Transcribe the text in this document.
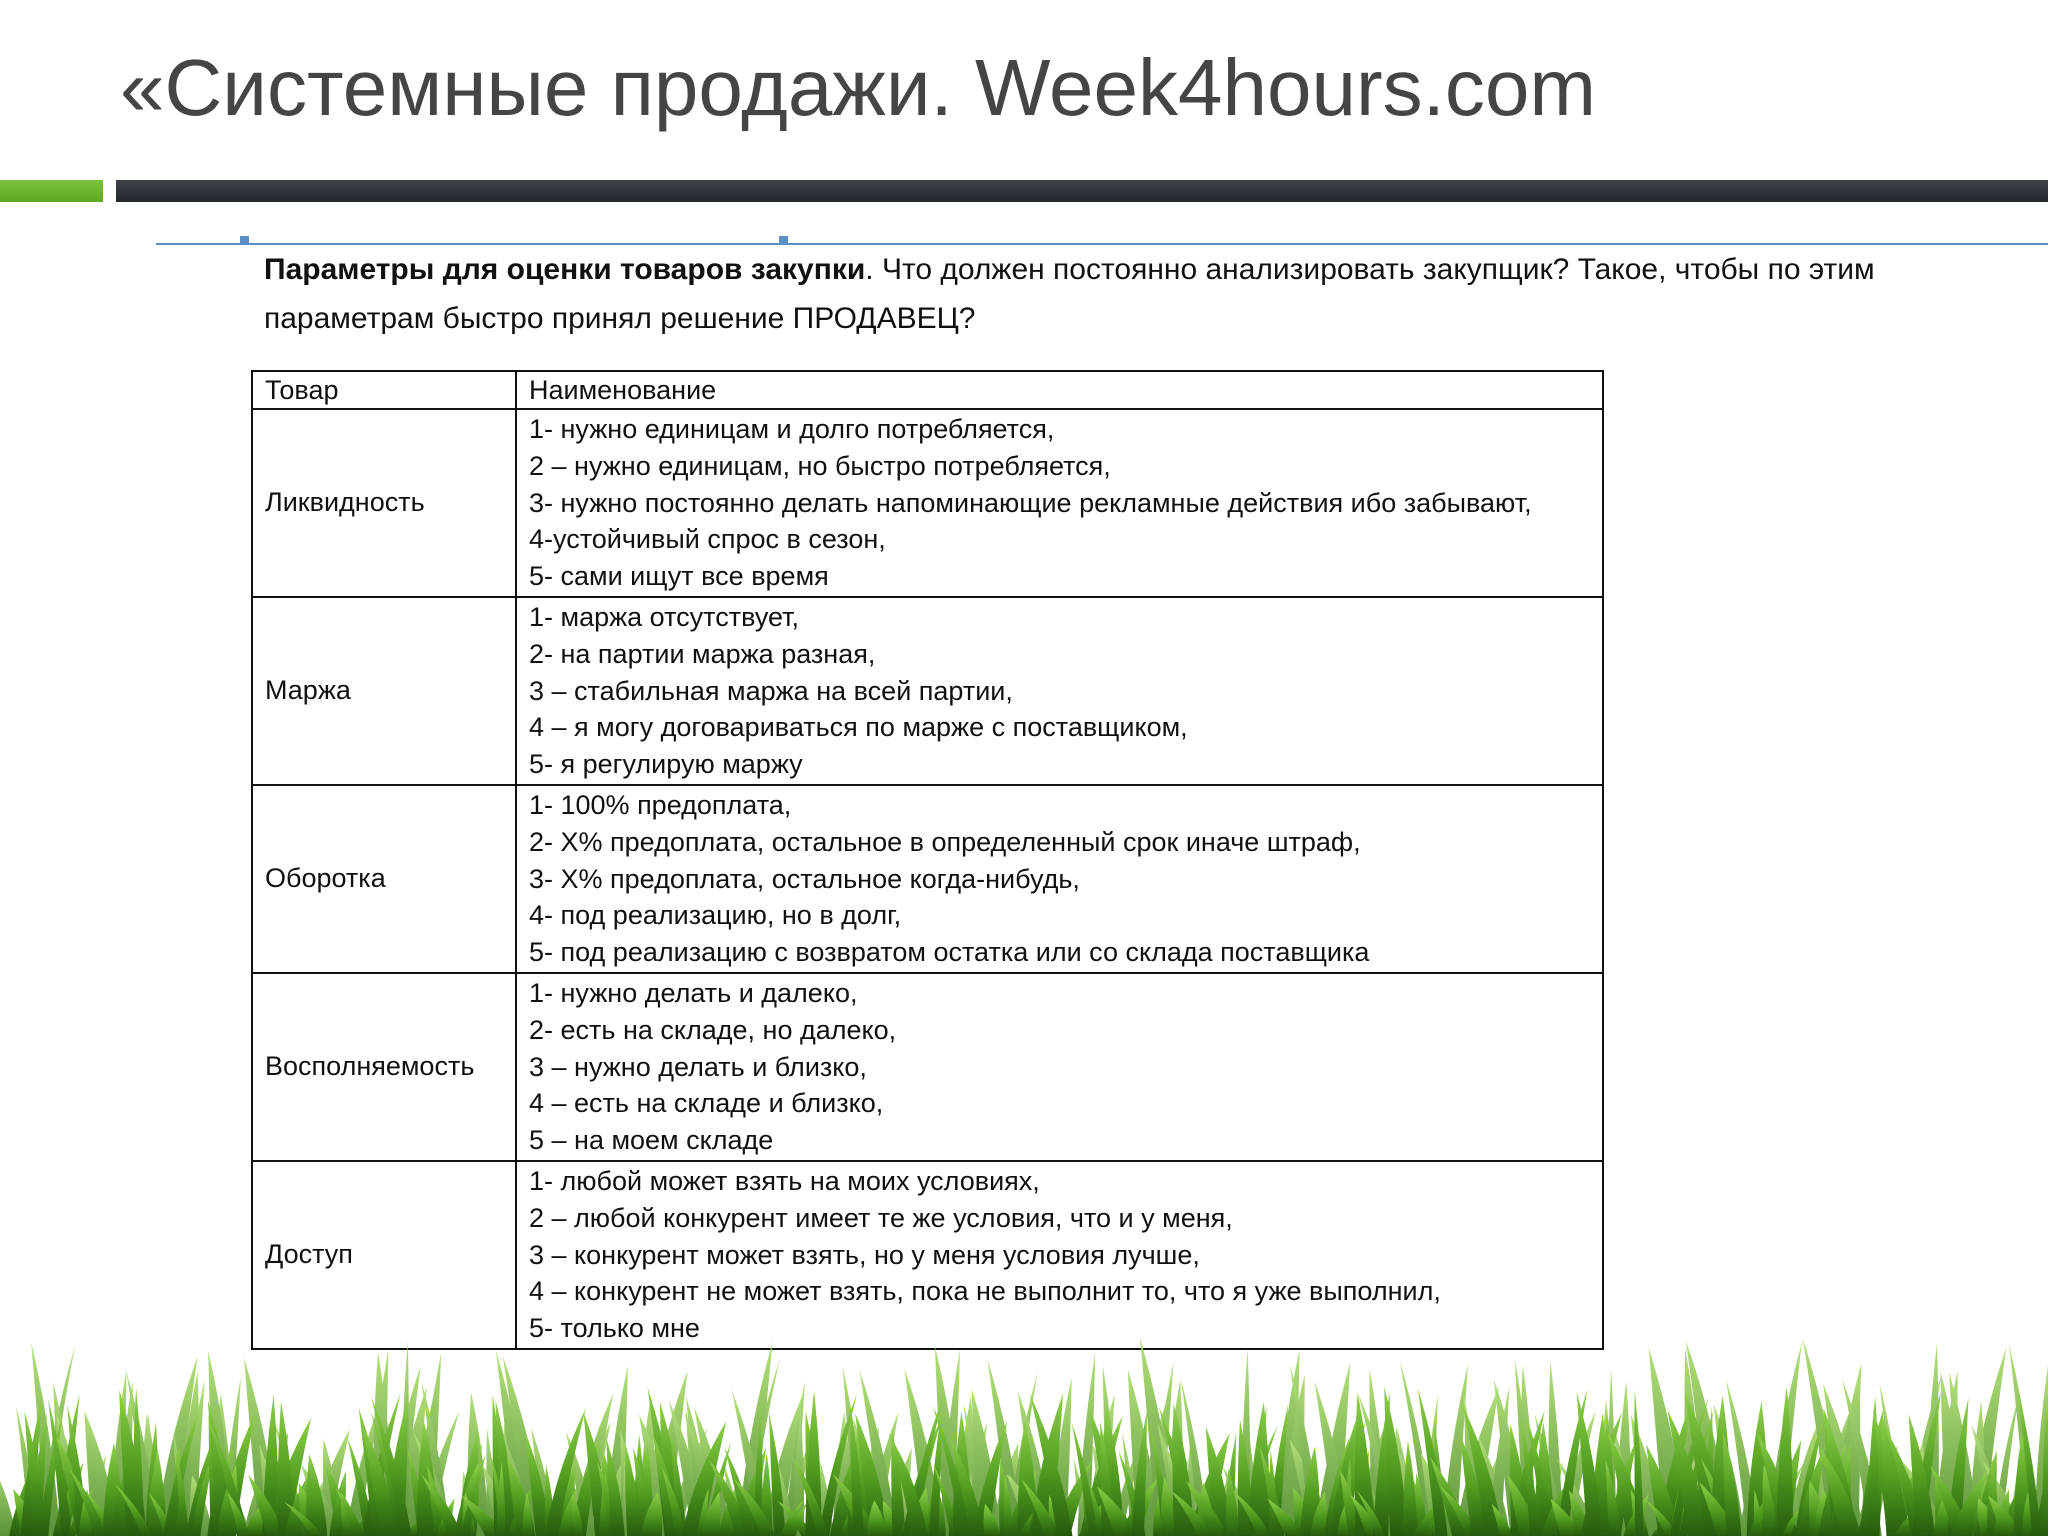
«Системные продажи. Week4hours.com
Параметры для оценки товаров закупки. Что должен постоянно анализировать закупщик? Такое, чтобы по этим параметрам быстро принял решение ПРОДАВЕЦ?
Товар	Наименование
Ликвидность	1- нужно единицам и долго потребляется,
2 – нужно единицам, но быстро потребляется,
3- нужно постоянно делать напоминающие рекламные действия ибо забывают,
4-устойчивый спрос в сезон,
5- сами ищут все время

Маржа	1- маржа отсутствует,
2- на партии маржа разная,
3 – стабильная маржа на всей партии,
4 – я могу договариваться по марже с поставщиком,
5- я регулирую маржу

Оборотка	1- 100% предоплата,
2- Х% предоплата, остальное в определенный срок иначе штраф,
3- Х% предоплата, остальное когда-нибудь,
4- под реализацию, но в долг,
5- под реализацию с возвратом остатка или со склада поставщика

Восполняемость	1- нужно делать и далеко,
2- есть на складе, но далеко,
3 – нужно делать и близко,
4 – есть на складе и близко,
5 – на моем складе

Доступ	1- любой может взять на моих условиях,
2 – любой конкурент имеет те же условия, что и у меня,
3 – конкурент может взять, но у меня условия лучше,
4 – конкурент не может взять, пока не выполнит то, что я уже выполнил,
5- только мне
